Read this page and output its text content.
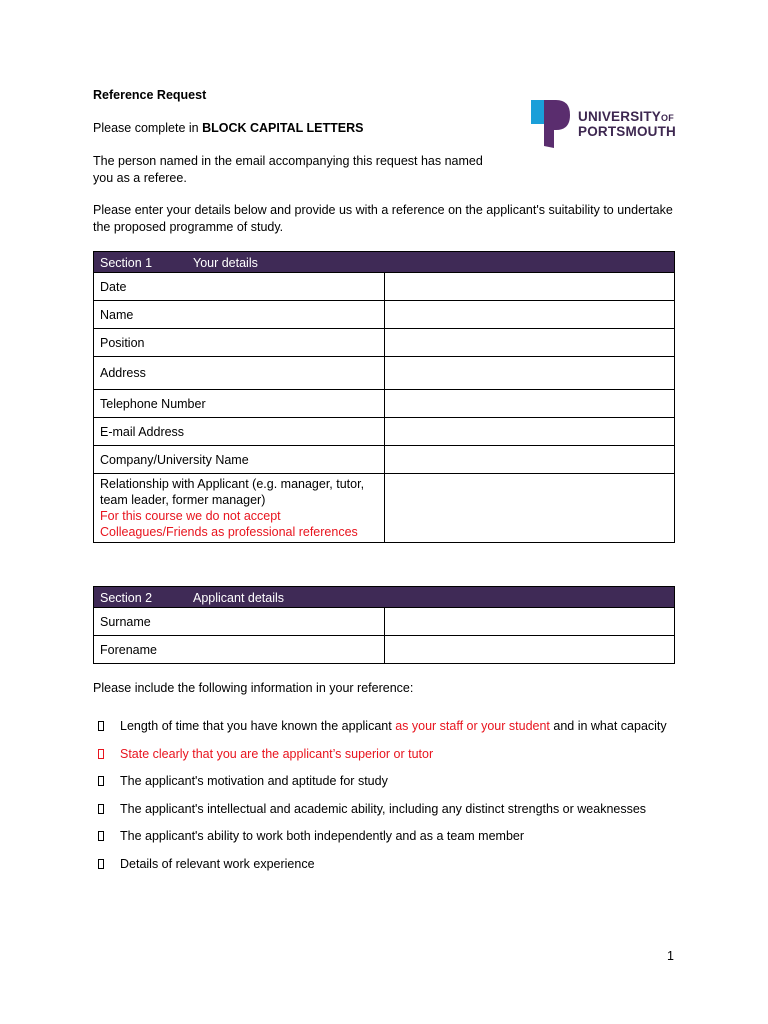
Reference Request
Please complete in BLOCK CAPITAL LETTERS
The person named in the email accompanying this request has named you as a referee.
Please enter your details below and provide us with a reference on the applicant's suitability to undertake the proposed programme of study.
UNIVERSITYOF
PORTSMOUTH
Section 1 Your details	
Date	
Name	
Position	
Address	
Telephone Number	
E-mail Address	
Company/University Name	
Relationship with Applicant (e.g. manager, tutor, team leader, former manager)
For this course we do not accept Colleagues/Friends as professional references	
Section 2 Applicant details	
Surname	
Forename	
Please include the following information in your reference:
Length of time that you have known the applicant as your staff or your student and in what capacity
State clearly that you are the applicant’s superior or tutor
The applicant's motivation and aptitude for study
The applicant's intellectual and academic ability, including any distinct strengths or weaknesses
The applicant's ability to work both independently and as a team member
Details of relevant work experience
1
